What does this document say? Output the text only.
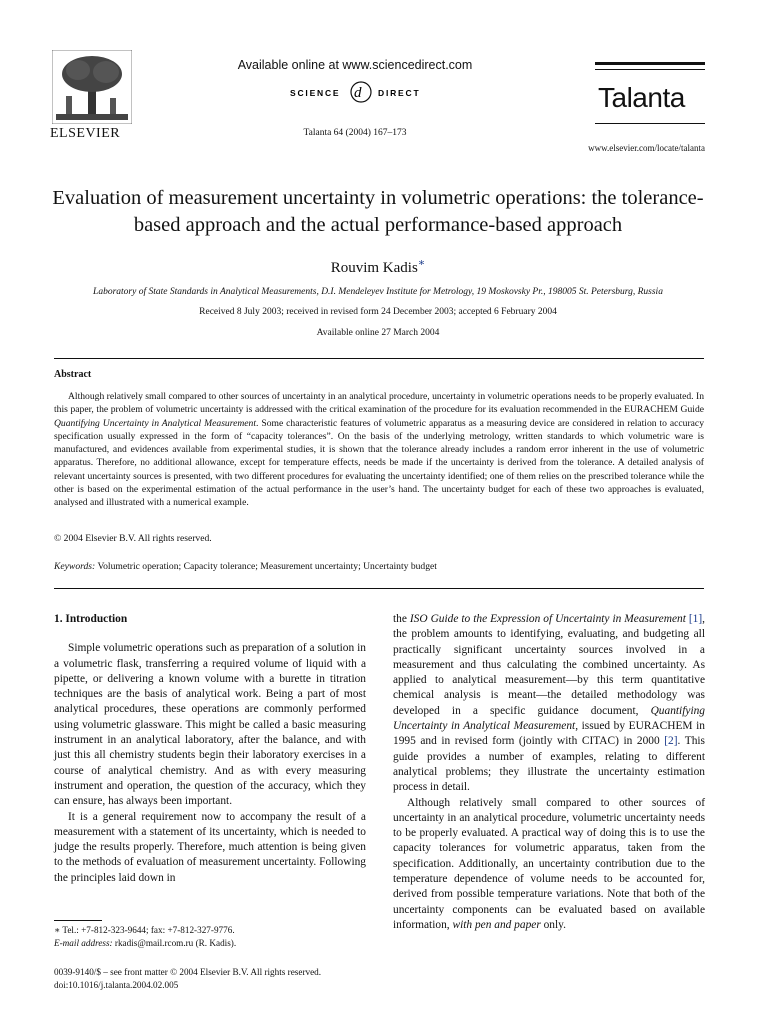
ELSEVIER
Available online at www.sciencedirect.com
SCIENCE d DIRECT
Talanta 64 (2004) 167–173
Talanta
www.elsevier.com/locate/talanta
Evaluation of measurement uncertainty in volumetric operations: the tolerance-based approach and the actual performance-based approach
Rouvim Kadis∗
Laboratory of State Standards in Analytical Measurements, D.I. Mendeleyev Institute for Metrology, 19 Moskovsky Pr., 198005 St. Petersburg, Russia
Received 8 July 2003; received in revised form 24 December 2003; accepted 6 February 2004
Available online 27 March 2004
Abstract
Although relatively small compared to other sources of uncertainty in an analytical procedure, uncertainty in volumetric operations needs to be properly evaluated. In this paper, the problem of volumetric uncertainty is addressed with the critical examination of the procedure for its evaluation recommended in the EURACHEM Guide Quantifying Uncertainty in Analytical Measurement. Some characteristic features of volumetric apparatus as a measuring device are considered in relation to accuracy specification usually expressed in the form of “capacity tolerances”. On the basis of the underlying metrology, written standards to which volumetric ware is manufactured, and evidences available from experimental studies, it is shown that the tolerance already includes a random error inherent in the use of volumetric apparatus. Therefore, no additional allowance, except for temperature effects, needs be made if the uncertainty is derived from the tolerance. A detailed analysis of relevant uncertainty sources is presented, with two different procedures for evaluating the uncertainty identified; one of them relies on the prescribed tolerance while the other is based on the experimental estimation of the actual performance in the user’s hand. The uncertainty budget for each of these two approaches is evaluated, analysed and illustrated with a numerical example.
© 2004 Elsevier B.V. All rights reserved.
Keywords: Volumetric operation; Capacity tolerance; Measurement uncertainty; Uncertainty budget
1. Introduction

Simple volumetric operations such as preparation of a solution in a volumetric flask, transferring a required volume of liquid with a pipette, or delivering a known volume with a burette in titration techniques are the basis of analytical work. Being a part of most analytical procedures, these operations are commonly performed using volumetric glassware. This might be called a basic measuring instrument in an analytical laboratory, after the balance, and with just this all chemistry students begin their laboratory exercises in a course of analytical chemistry. And as with every measuring instrument and operation, the question of the accuracy, which they can ensure, has always been important.

It is a general requirement now to accompany the result of a measurement with a statement of its uncertainty, which is needed to judge the results properly. Therefore, much attention is being given to the methods of evaluation of measurement uncertainty. Following the principles laid down in

∗ Tel.: +7-812-323-9644; fax: +7-812-327-9776.
E-mail address: rkadis@mail.rcom.ru (R. Kadis).
0039-9140/$ – see front matter © 2004 Elsevier B.V. All rights reserved.
doi:10.1016/j.talanta.2004.02.005

the ISO Guide to the Expression of Uncertainty in Measurement [1], the problem amounts to identifying, evaluating, and budgeting all practically significant uncertainty sources involved in a measurement and thus calculating the combined uncertainty. As applied to analytical measurement—by this term quantitative chemical analysis is meant—the detailed methodology was developed in a specific guidance document, Quantifying Uncertainty in Analytical Measurement, issued by EURACHEM in 1995 and in revised form (jointly with CITAC) in 2000 [2]. This guide provides a number of examples, relating to different analytical problems; they illustrate the uncertainty estimation process in detail.

Although relatively small compared to other sources of uncertainty in an analytical procedure, volumetric uncertainty needs to be properly evaluated. A practical way of doing this is to use the capacity tolerances for volumetric apparatus, taken from the specification. Additionally, an uncertainty contribution due to the temperature dependence of volume needs to be accounted for, derived from possible temperature variations. Note that both of the uncertainty components can be evaluated based on available information, with pen and paper only.
